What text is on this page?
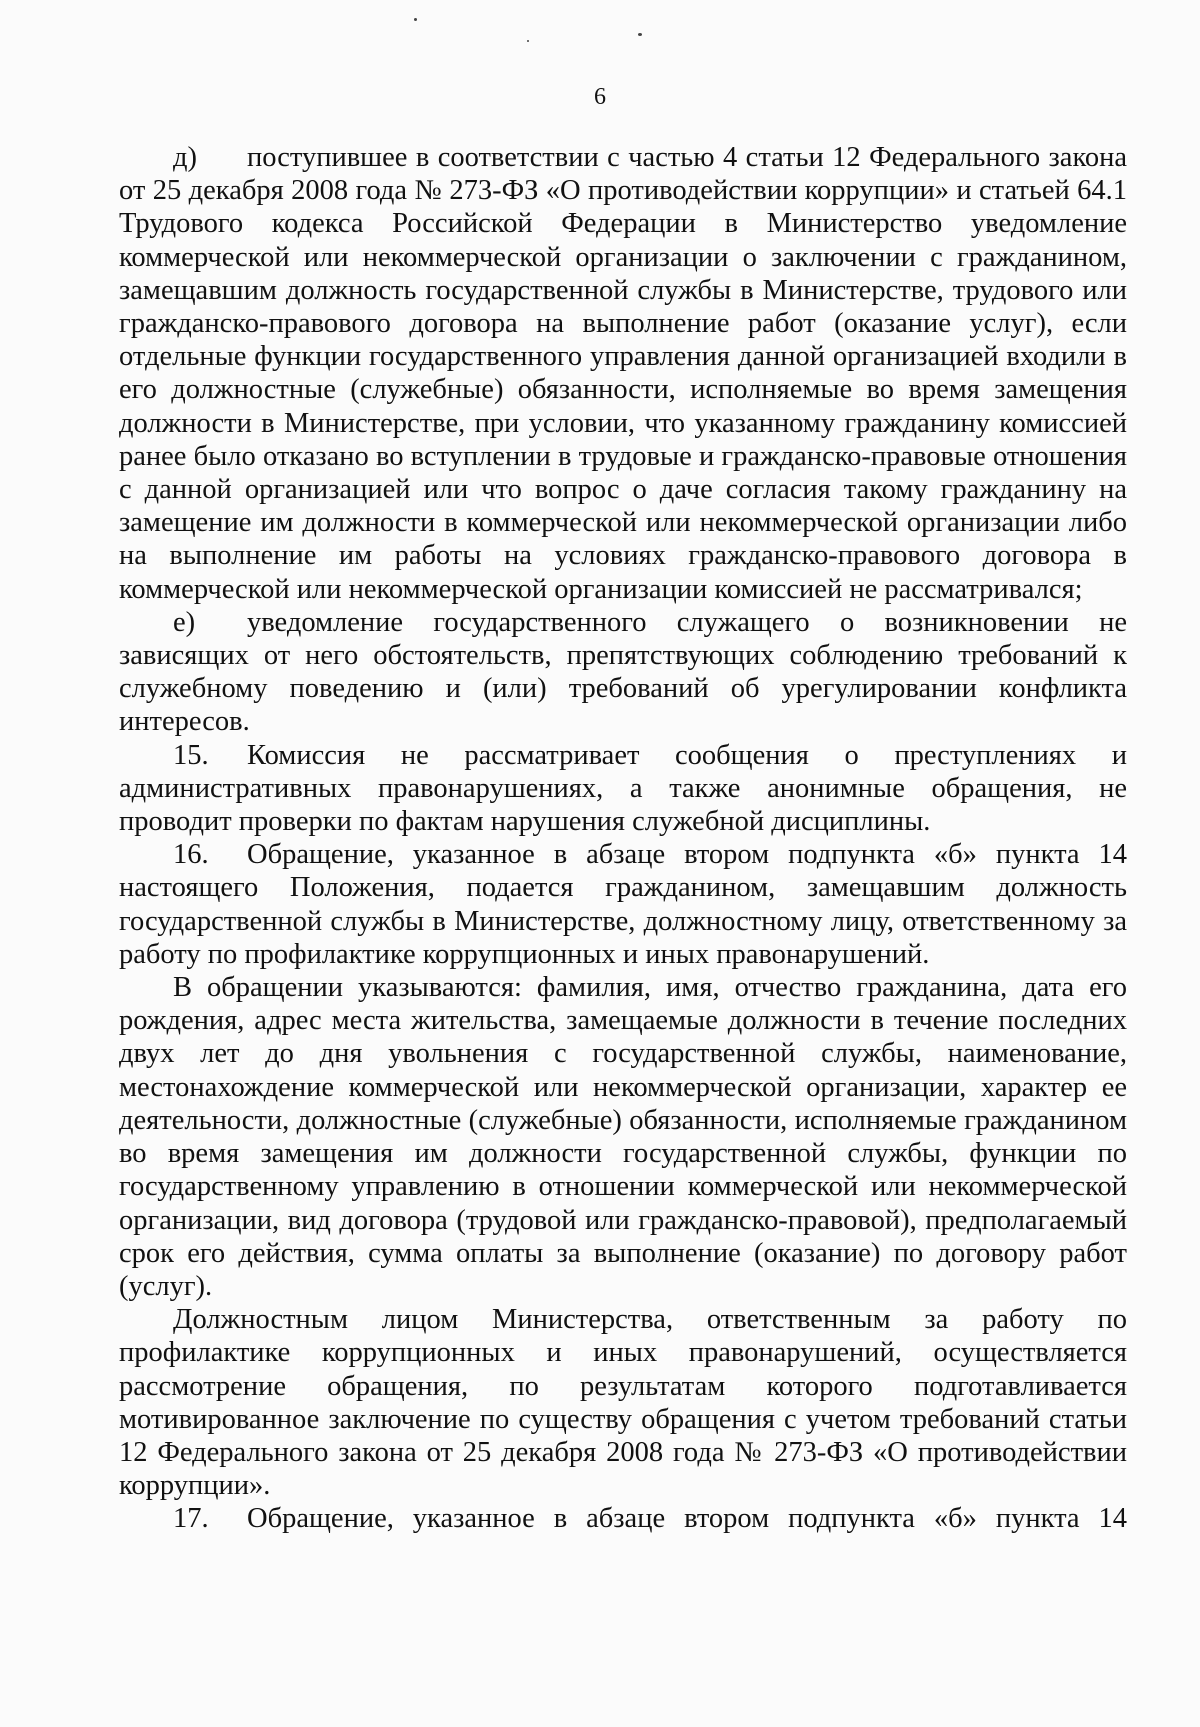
6

д) поступившее в соответствии с частью 4 статьи 12 Федерального закона от 25 декабря 2008 года № 273-ФЗ «О противодействии коррупции» и статьей 64.1 Трудового кодекса Российской Федерации в Министерство уведомление коммерческой или некоммерческой организации о заключении с гражданином, замещавшим должность государственной службы в Министерстве, трудового или гражданско-правового договора на выполнение работ (оказание услуг), если отдельные функции государственного управления данной организацией входили в его должностные (служебные) обязанности, исполняемые во время замещения должности в Министерстве, при условии, что указанному гражданину комиссией ранее было отказано во вступлении в трудовые и гражданско-правовые отношения с данной организацией или что вопрос о даче согласия такому гражданину на замещение им должности в коммерческой или некоммерческой организации либо на выполнение им работы на условиях гражданско-правового договора в коммерческой или некоммерческой организации комиссией не рассматривался;

е) уведомление государственного служащего о возникновении не зависящих от него обстоятельств, препятствующих соблюдению требований к служебному поведению и (или) требований об урегулировании конфликта интересов.

15. Комиссия не рассматривает сообщения о преступлениях и административных правонарушениях, а также анонимные обращения, не проводит проверки по фактам нарушения служебной дисциплины.

16. Обращение, указанное в абзаце втором подпункта «б» пункта 14 настоящего Положения, подается гражданином, замещавшим должность государственной службы в Министерстве, должностному лицу, ответственному за работу по профилактике коррупционных и иных правонарушений.

В обращении указываются: фамилия, имя, отчество гражданина, дата его рождения, адрес места жительства, замещаемые должности в течение последних двух лет до дня увольнения с государственной службы, наименование, местонахождение коммерческой или некоммерческой организации, характер ее деятельности, должностные (служебные) обязанности, исполняемые гражданином во время замещения им должности государственной службы, функции по государственному управлению в отношении коммерческой или некоммерческой организации, вид договора (трудовой или гражданско-правовой), предполагаемый срок его действия, сумма оплаты за выполнение (оказание) по договору работ (услуг).

Должностным лицом Министерства, ответственным за работу по профилактике коррупционных и иных правонарушений, осуществляется рассмотрение обращения, по результатам которого подготавливается мотивированное заключение по существу обращения с учетом требований статьи 12 Федерального закона от 25 декабря 2008 года № 273-ФЗ «О противодействии коррупции».

17. Обращение, указанное в абзаце втором подпункта «б» пункта 14
